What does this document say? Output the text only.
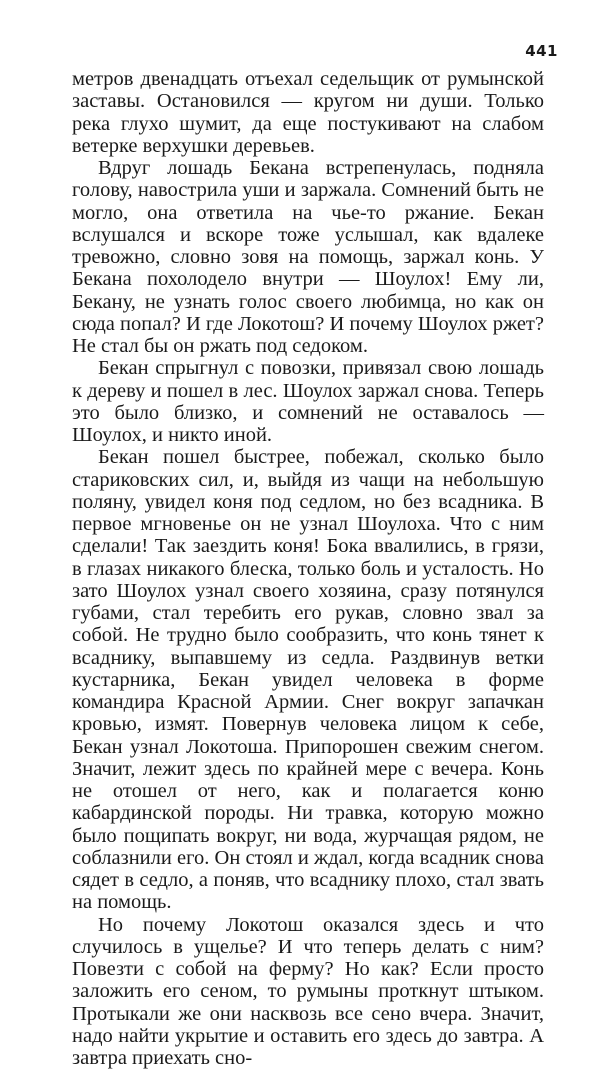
441

метров двенадцать отъехал седельщик от румынской заставы. Остановился — кругом ни души. Только река глухо шумит, да еще постукивают на слабом ветерке верхушки деревьев.

Вдруг лошадь Бекана встрепенулась, подняла голову, навострила уши и заржала. Сомнений быть не могло, она ответила на чье-то ржание. Бекан вслушался и вскоре тоже услышал, как вдалеке тревожно, словно зовя на помощь, заржал конь. У Бекана похолодело внутри — Шоулох! Ему ли, Бекану, не узнать голос своего любимца, но как он сюда попал? И где Локотош? И почему Шоулох ржет? Не стал бы он ржать под седоком.

Бекан спрыгнул с повозки, привязал свою лошадь к дереву и пошел в лес. Шоулох заржал снова. Теперь это было близко, и сомнений не оставалось — Шоулох, и никто иной.

Бекан пошел быстрее, побежал, сколько было стариковских сил, и, выйдя из чащи на небольшую поляну, увидел коня под седлом, но без всадника. В первое мгновенье он не узнал Шоулоха. Что с ним сделали! Так заездить коня! Бока ввалились, в грязи, в глазах никакого блеска, только боль и усталость. Но зато Шоулох узнал своего хозяина, сразу потянулся губами, стал теребить его рукав, словно звал за собой. Не трудно было сообразить, что конь тянет к всаднику, выпавшему из седла. Раздвинув ветки кустарника, Бекан увидел человека в форме командира Красной Армии. Снег вокруг запачкан кровью, измят. Повернув человека лицом к себе, Бекан узнал Локотоша. Припорошен свежим снегом. Значит, лежит здесь по крайней мере с вечера. Конь не отошел от него, как и полагается коню кабардинской породы. Ни травка, которую можно было пощипать вокруг, ни вода, журчащая рядом, не соблазнили его. Он стоял и ждал, когда всадник снова сядет в седло, а поняв, что всаднику плохо, стал звать на помощь.

Но почему Локотош оказался здесь и что случилось в ущелье? И что теперь делать с ним? Повезти с собой на ферму? Но как? Если просто заложить его сеном, то румыны проткнут штыком. Протыкали же они насквозь все сено вчера. Значит, надо найти укрытие и оставить его здесь до завтра. А завтра приехать сно-
